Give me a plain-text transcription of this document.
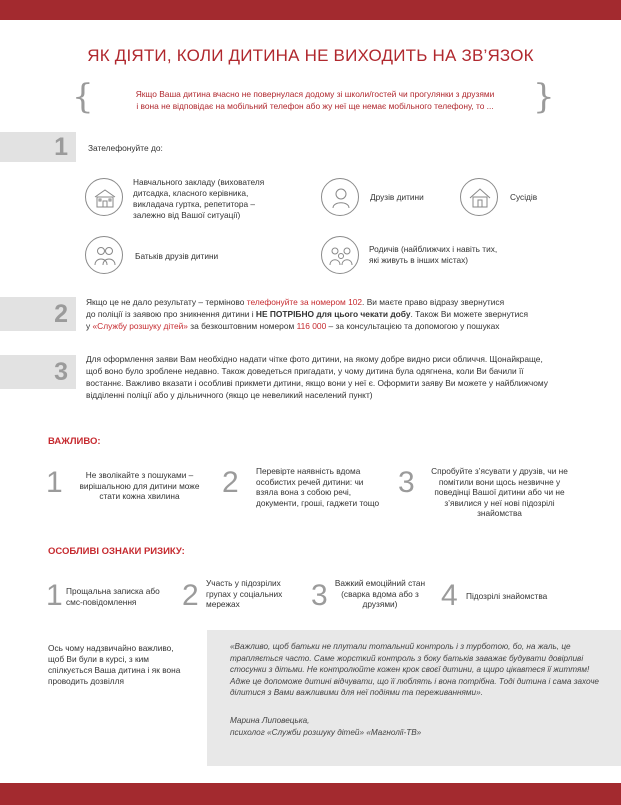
ЯК ДІЯТИ, КОЛИ ДИТИНА НЕ ВИХОДИТЬ НА ЗВ’ЯЗОК
{	Якщо Ваша дитина вчасно не повернулася додому зі школи/гостей чи прогулянки з друзями
і вона не відповідає на мобільний телефон або жу неї ще немає мобільного телефону, то ...	}
1 Зателефонуйте до:
Навчального закладу (вихователя дитсадка, класного керівника, викладача гуртка, репетитора – залежно від Вашої ситуації)
Друзів дитини	Сусідів
Батьків друзів дитини
Родичів (найближчих і навіть тих, які живуть в інших містах)
2 Якщо це не дало результату – терміново телефонуйте за номером 102. Ви маєте право відразу звернутися
до поліції із заявою про зникнення дитини і НЕ ПОТРІБНО для цього чекати добу. Також Ви можете звернутися
у «Службу розшуку дітей» за безкоштовним номером 116 000 – за консультацією та допомогою у пошуках
3 Для оформлення заяви Вам необхідно надати чітке фото дитини, на якому добре видно риси обличчя. Щонайкраще, щоб воно було зроблене недавно. Також доведеться пригадати, у чому дитина була одягнена, коли Ви бачили її востаннє. Важливо вказати і особливі прикмети дитини, якщо вони у неї є. Оформити заяву Ви можете у найближчому відділенні поліції або у дільничного (якщо це невеликий населений пункт)
ВАЖЛИВО:
1	Не зволікайте з пошуками – вирішальною для дитини може стати кожна хвилина	2 Перевірте наявність вдома особистих речей дитини: чи взяла вона з собою речі, документи, гроші, гаджети тощо
3	Спробуйте з’ясувати у друзів, чи не помітили вони щось незвичне у поведінці Вашої дитини або чи не з’явилися у неї нові підозрілі знайомства
ОСОБЛИВІ ОЗНАКИ РИЗИКУ:
1 Прощальна записка або смс-повідомлення	2 Участь у підозрілих групах у соціальних мережах	3 Важкий емоційний стан (сварка вдома або з друзями)	4 Підозрілі знайомства
Ось чому надзвичайно важливо, щоб Ви були в курсі, з ким спілкується Ваша дитина і як вона проводить дозвілля
«Важливо, щоб батьки не плутали тотальний контроль і з турботою, бо, на жаль, це трапляється часто. Саме жорсткий контроль з боку батьків заважає будувати довірливі стосунки з дітьми. Не контролюйте кожен крок своєї дитини, а щиро цікавтеся її життям! Адже це допоможе дитині відчувати, що її люблять і вона потрібна. Тоді дитина і сама захоче ділитися з Вами важливими для неї подіями та переживаннями».
Марина Липовецька,
психолог «Служби розшуку дітей» «Магнолії-ТВ»
